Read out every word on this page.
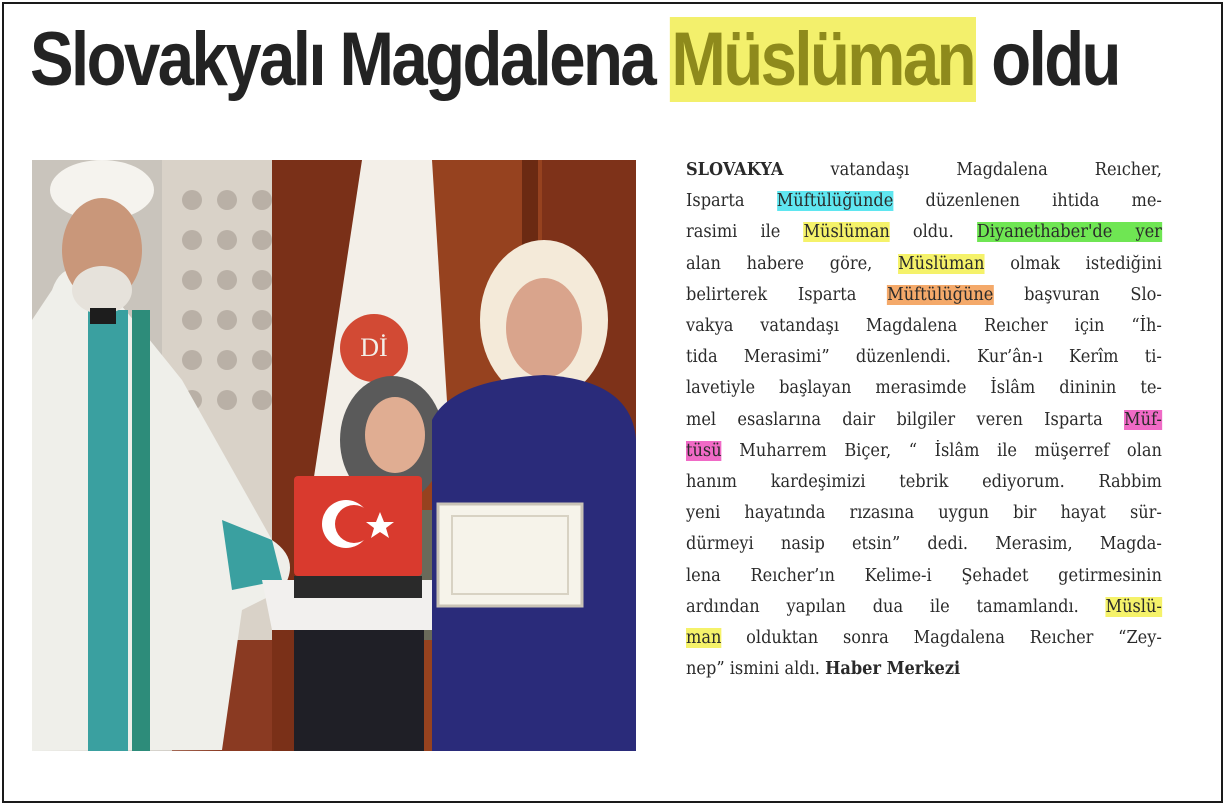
Slovakyalı Magdalena Müslüman oldu
Dİ
SLOVAKYA	vatandaşı Magdalena Reıcher,
Isparta Müftülüğünde düzenlenen ihtida me-
rasimi ile Müslüman oldu. Diyanethaber'de yer
alan habere göre, Müslüman olmak istediğini
belirterek Isparta Müftülüğüne başvuran Slo-
vakya vatandaşı Magdalena Reıcher için “İh-
tida Merasimi” düzenlendi. Kur’ân-ı Kerîm ti-
lavetiyle başlayan merasimde İslâm dininin te-
mel esaslarına dair bilgiler veren Isparta Müf-
tüsü Muharrem Biçer, “ İslâm ile müşerref olan
hanım kardeşimizi tebrik ediyorum. Rabbim
yeni hayatında rızasına uygun bir hayat sür-
dürmeyi nasip etsin” dedi. Merasim, Magda-
lena Reıcher’ın Kelime-i Şehadet getirmesinin
ardından yapılan dua ile tamamlandı. Müslü-
man olduktan sonra Magdalena Reıcher “Zey-
nep” ismini aldı. Haber Merkezi
